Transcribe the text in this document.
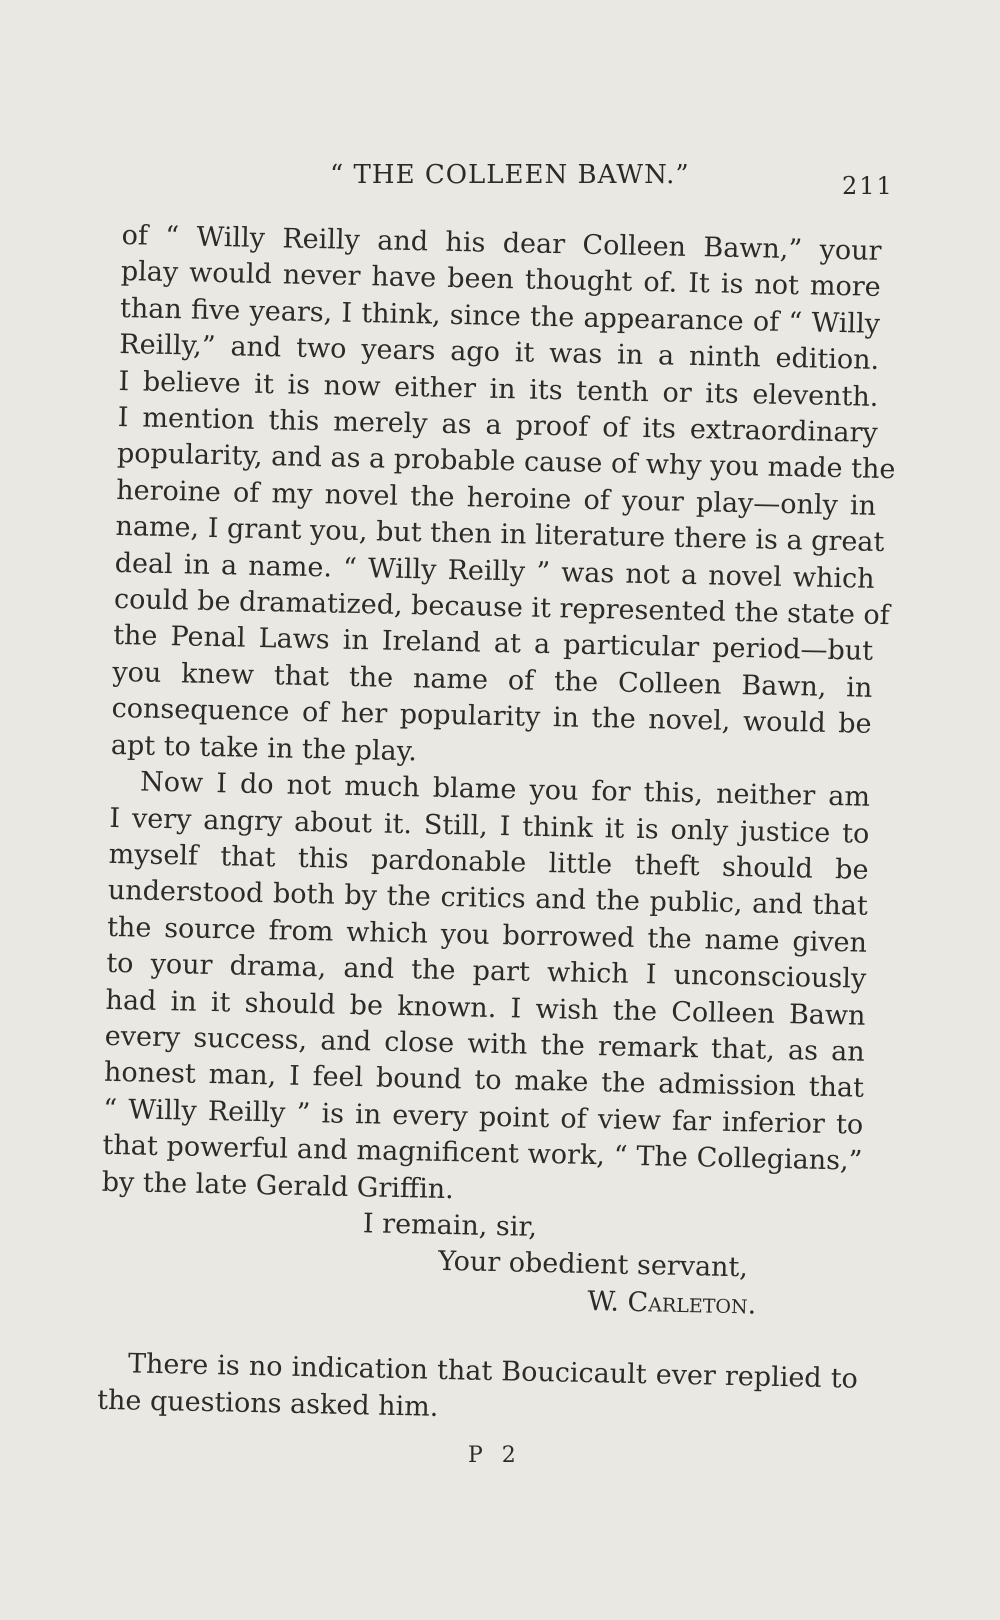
“ THE COLLEEN BAWN.”	211
of “ Willy Reilly and his dear Colleen Bawn,” your
play would never have been thought of. It is not more
than five years, I think, since the appearance of “ Willy
Reilly,” and two years ago it was in a ninth edition.
I believe it is now either in its tenth or its eleventh.
I mention this merely as a proof of its extraordinary
popularity, and as a probable cause of why you made the
heroine of my novel the heroine of your play—only in
name, I grant you, but then in literature there is a great
deal in a name. “ Willy Reilly ” was not a novel which
could be dramatized, because it represented the state of
the Penal Laws in Ireland at a particular period—but
you knew that the name of the Colleen Bawn, in
consequence of her popularity in the novel, would be
apt to take in the play.
Now I do not much blame you for this, neither am
I very angry about it. Still, I think it is only justice to
myself that this pardonable little theft should be
understood both by the critics and the public, and that
the source from which you borrowed the name given
to your drama, and the part which I unconsciously
had in it should be known. I wish the Colleen Bawn
every success, and close with the remark that, as an
honest man, I feel bound to make the admission that
“ Willy Reilly ” is in every point of view far inferior to
that powerful and magnificent work, “ The Collegians,”
by the late Gerald Griffin.
I remain, sir,
Your obedient servant,
W. Carleton.
There is no indication that Boucicault ever replied to
the questions asked him.
P 2
